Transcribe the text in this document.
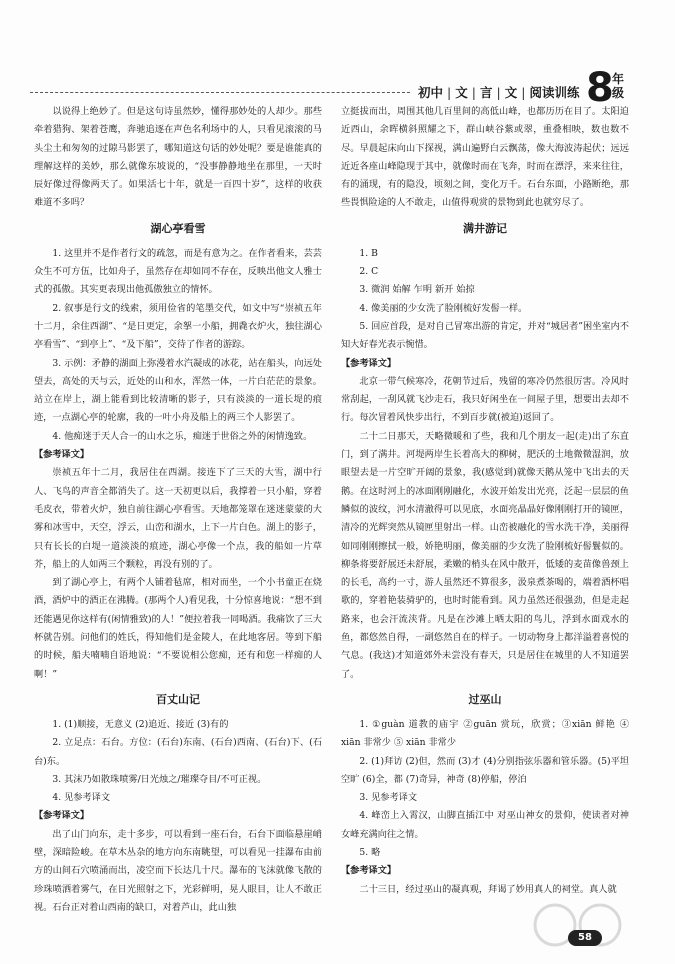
初中 | 文 | 言 | 文 | 阅读训练 8
年级

以说得上绝妙了。但是这句诗虽然妙，懂得那妙处的人却少。那些牵着猎狗、架着苍鹰，奔驰追逐在声色名利场中的人，只看见滚滚的马头尘土和匆匆的过隙马影罢了，哪知道这句话的妙处呢？要是谁能真的理解这样的美妙，那么就像东坡说的，“没事静静地坐在那里，一天时辰好像过得像两天了。如果活七十年，就是一百四十岁”，这样的收获难道不多吗？

湖心亭看雪

1. 这里并不是作者行文的疏忽，而是有意为之。在作者看来，芸芸众生不可方伍，比如舟子，虽然存在却如同不存在，反映出他文人雅士式的孤傲。其实更表现出他孤傲独立的情怀。

2. 叙事是行文的线索，须用俭省的笔墨交代，如文中写“崇祯五年十二月，余住西湖”、“是日更定，余挐一小船，拥毳衣炉火，独往湖心亭看雪”、“到亭上”、“及下船”，交待了作者的游踪。

3. 示例：矛静的湖面上弥漫着水汽凝成的冰花，站在船头，向远处望去，高处的天与云，近处的山和水，浑然一体，一片白茫茫的景象。站立在岸上，湖上能看到比较清晰的影子，只有淡淡的一道长堤的痕迹，一点湖心亭的轮廓，我的一叶小舟及船上的两三个人影罢了。

4. 他痴迷于天人合一的山水之乐，痴迷于世俗之外的闲情逸致。

【参考译文】

崇祯五年十二月，我居住在西湖。接连下了三天的大雪，湖中行人、飞鸟的声音全都消失了。这一天初更以后，我撑着一只小船，穿着毛皮衣，带着火炉，独自前往湖心亭看雪。天地都笼罩在迷迷蒙蒙的大雾和冰雪中，天空，浮云，山峦和湖水，上下一片白色。湖上的影子，只有长长的白堤一道淡淡的痕迹，湖心亭像一个点，我的船如一片草芥，船上的人如两三个颗粒，再没有别的了。

到了湖心亭上，有两个人铺着毡席，相对而坐，一个小书童正在烧酒，酒炉中的酒正在沸腾。(那两个人)看见我，十分惊喜地说：“想不到还能遇见你这样有(闲情雅致)的人！”便拉着我一同喝酒。我痛饮了三大杯就告别。问他们的姓氏，得知他们是金陵人，在此地客居。等到下船的时候，船夫喃喃自语地说：“不要说相公您痴，还有和您一样痴的人啊！”

百丈山记

1. (1)顺接，无意义 (2)追近、接近 (3)有的

2. 立足点：石台。方位：(石台)东南、(石台)西南、(石台)下、(石台)东。

3. 其沫乃如散珠喷雾/日光烛之/璀璨夺目/不可正视。

4. 见参考译文

【参考译文】

出了山门向东，走十多步，可以看到一座石台，石台下面临悬崖峭壁，深暗险峻。在草木丛杂的地方向东南眺望，可以看见一挂瀑布由前方的山间石穴喷涌而出，凌空而下长达几十尺。瀑布的飞沫就像飞散的珍珠喷洒着雾气，在日光照射之下，光彩鲜明，晃人眼目，让人不敢正视。石台正对着山西南的缺口，对着芦山，此山独

立挺拔而出，周围其他几百里间的高低山峰，也都历历在目了。太阳迫近西山，余晖横斜照耀之下，群山峡谷紫或翠，重叠相映，数也数不尽。早晨起床向山下探视，满山遍野白云飘荡，像大海波涛起伏；远远近近各座山峰隐现于其中，就像时而在飞奔，时而在漂浮，来来往往，有的涌现，有的隐没，顷刻之间，变化万千。石台东面，小路断绝，那些畏惧险途的人不敢走，山值得观赏的景物到此也就穷尽了。

满井游记

1. B

2. C

3. 微润 始解 乍明 新开 始掠

4. 像美丽的少女洗了脸刚梳好发髻一样。

5. 回应首段，是对自己冒寒出游的肯定，并对“城居者”困坐室内不知大好春光表示惋惜。

【参考译文】

北京一带气候寒冷，花朝节过后，残留的寒冷仍然很厉害。冷风时常刮起，一刮风就飞沙走石，我只好闲坐在一间屋子里，想要出去却不行。每次冒着风快步出行，不到百步就(被迫)返回了。

二十二日那天，天略微暖和了些，我和几个朋友一起(走)出了东直门，到了满井。河堤两岸生长着高大的柳树，肥沃的土地微微湿润，放眼望去是一片空旷开阔的景象，我(感觉到)就像天鹅从笼中飞出去的天鹅。在这时河上的冰面刚刚融化，水波开始发出光亮，泛起一层层的鱼鳞似的波纹，河水清澈得可以见底，水面亮晶晶好像刚刚打开的镜匣，清冷的光辉突然从镜匣里射出一样。山峦被融化的雪水洗干净，美丽得如同刚刚擦拭一般，娇艳明丽，像美丽的少女洗了脸刚梳好髻鬟似的。柳条将要舒展还未舒展，柔嫩的梢头在风中散开，低矮的麦苗像兽颈上的长毛，高约一寸，游人虽然还不算很多，汲泉煮茶喝的，端着酒杯唱歌的，穿着艳装骑驴的，也时时能看到。风力虽然还很强劲，但是走起路来，也会汗流浃背。凡是在沙滩上晒太阳的鸟儿，浮到水面戏水的鱼，都悠然自得，一副悠然自在的样子。一切动物身上都洋溢着喜悦的气息。(我这)才知道郊外未尝没有春天，只是居住在城里的人不知道罢了。

过巫山

1. ①guàn 道教的庙宇 ②guān 赏玩，欣赏；③xiān 鲜艳 ④ xiān 非常少 ⑤ xiān 非常少

2. (1)拜访 (2)但，然而 (3)才 (4)分别指弦乐器和管乐器。(5)平坦空旷 (6)全，都 (7)奇异，神奇 (8)停船，停泊

3. 见参考译文

4. 峰峦上入霄汉，山脚直插江中 对巫山神女的景仰，使读者对神女峰充满向往之情。

5. 略

【参考译文】

二十三日，经过巫山的凝真观，拜谒了妙用真人的祠堂。真人就

58
